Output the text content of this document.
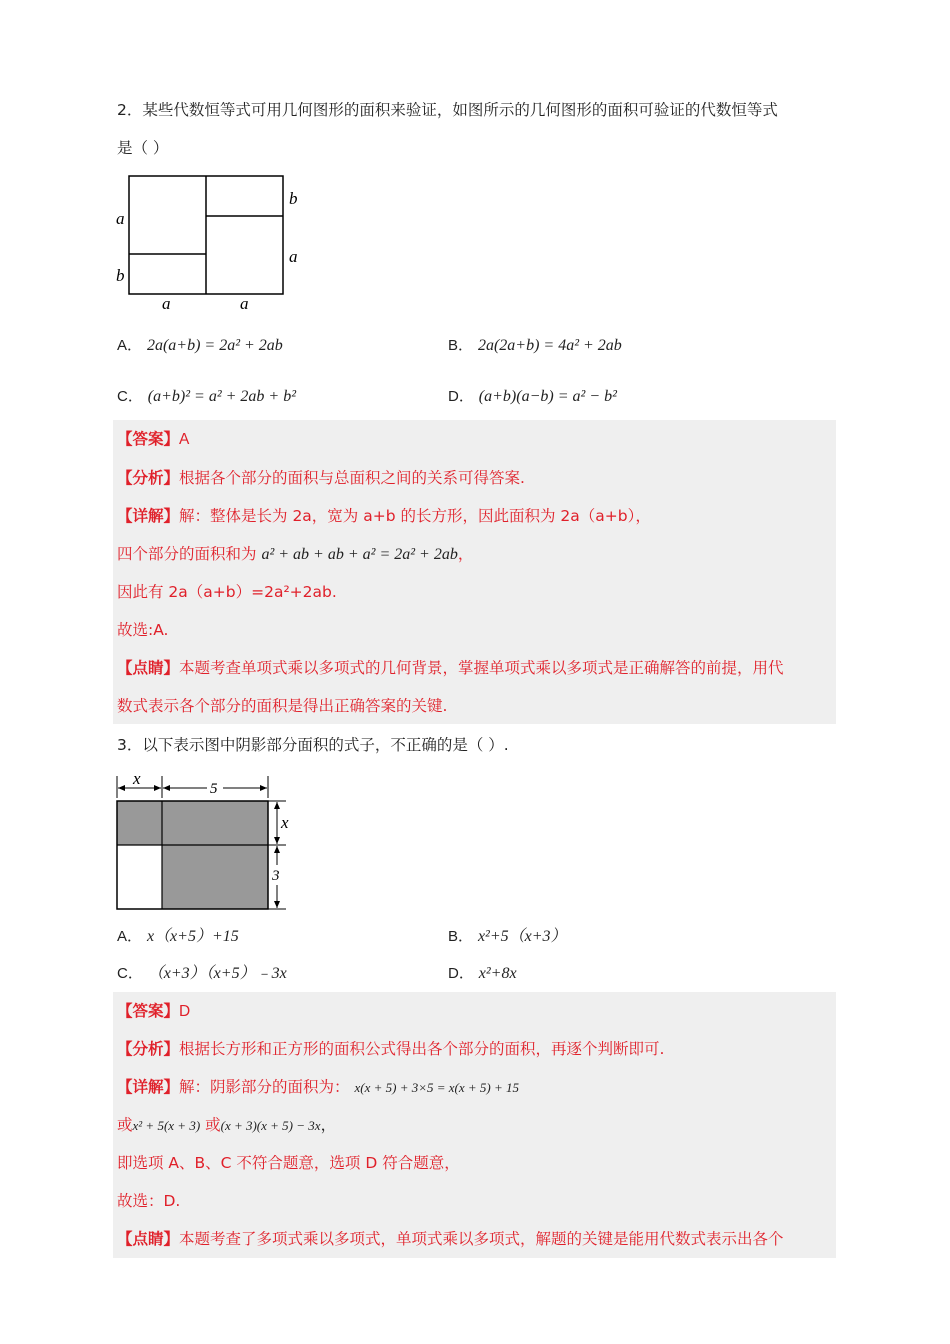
2．某些代数恒等式可用几何图形的面积来验证，如图所示的几何图形的面积可验证的代数恒等式
是（ ）
a
b
b
a
a	a
A． 2a(a+b) = 2a² + 2ab	B． 2a(2a+b) = 4a² + 2ab
C． (a+b)² = a² + 2ab + b²	D． (a+b)(a−b) = a² − b²
【答案】A
【分析】根据各个部分的面积与总面积之间的关系可得答案.
【详解】解：整体是长为 2a，宽为 a+b 的长方形，因此面积为 2a（a+b），
四个部分的面积和为 a² + ab + ab + a² = 2a² + 2ab，
因此有 2a（a+b）=2a²+2ab.
故选:A.
【点睛】本题考查单项式乘以多项式的几何背景，掌握单项式乘以多项式是正确解答的前提，用代
数式表示各个部分的面积是得出正确答案的关键.
3．以下表示图中阴影部分面积的式子，不正确的是（ ）.
x
5
x
3
A． x（x+5）+15	B． x²+5（x+3）
C． （x+3）（x+5）﹣3x	D． x²+8x
【答案】D
【分析】根据长方形和正方形的面积公式得出各个部分的面积，再逐个判断即可.
【详解】解：阴影部分的面积为： x(x + 5) + 3×5 = x(x + 5) + 15
或x² + 5(x + 3) 或(x + 3)(x + 5) − 3x，
即选项 A、B、C 不符合题意，选项 D 符合题意，
故选：D.
【点睛】本题考查了多项式乘以多项式，单项式乘以多项式，解题的关键是能用代数式表示出各个
